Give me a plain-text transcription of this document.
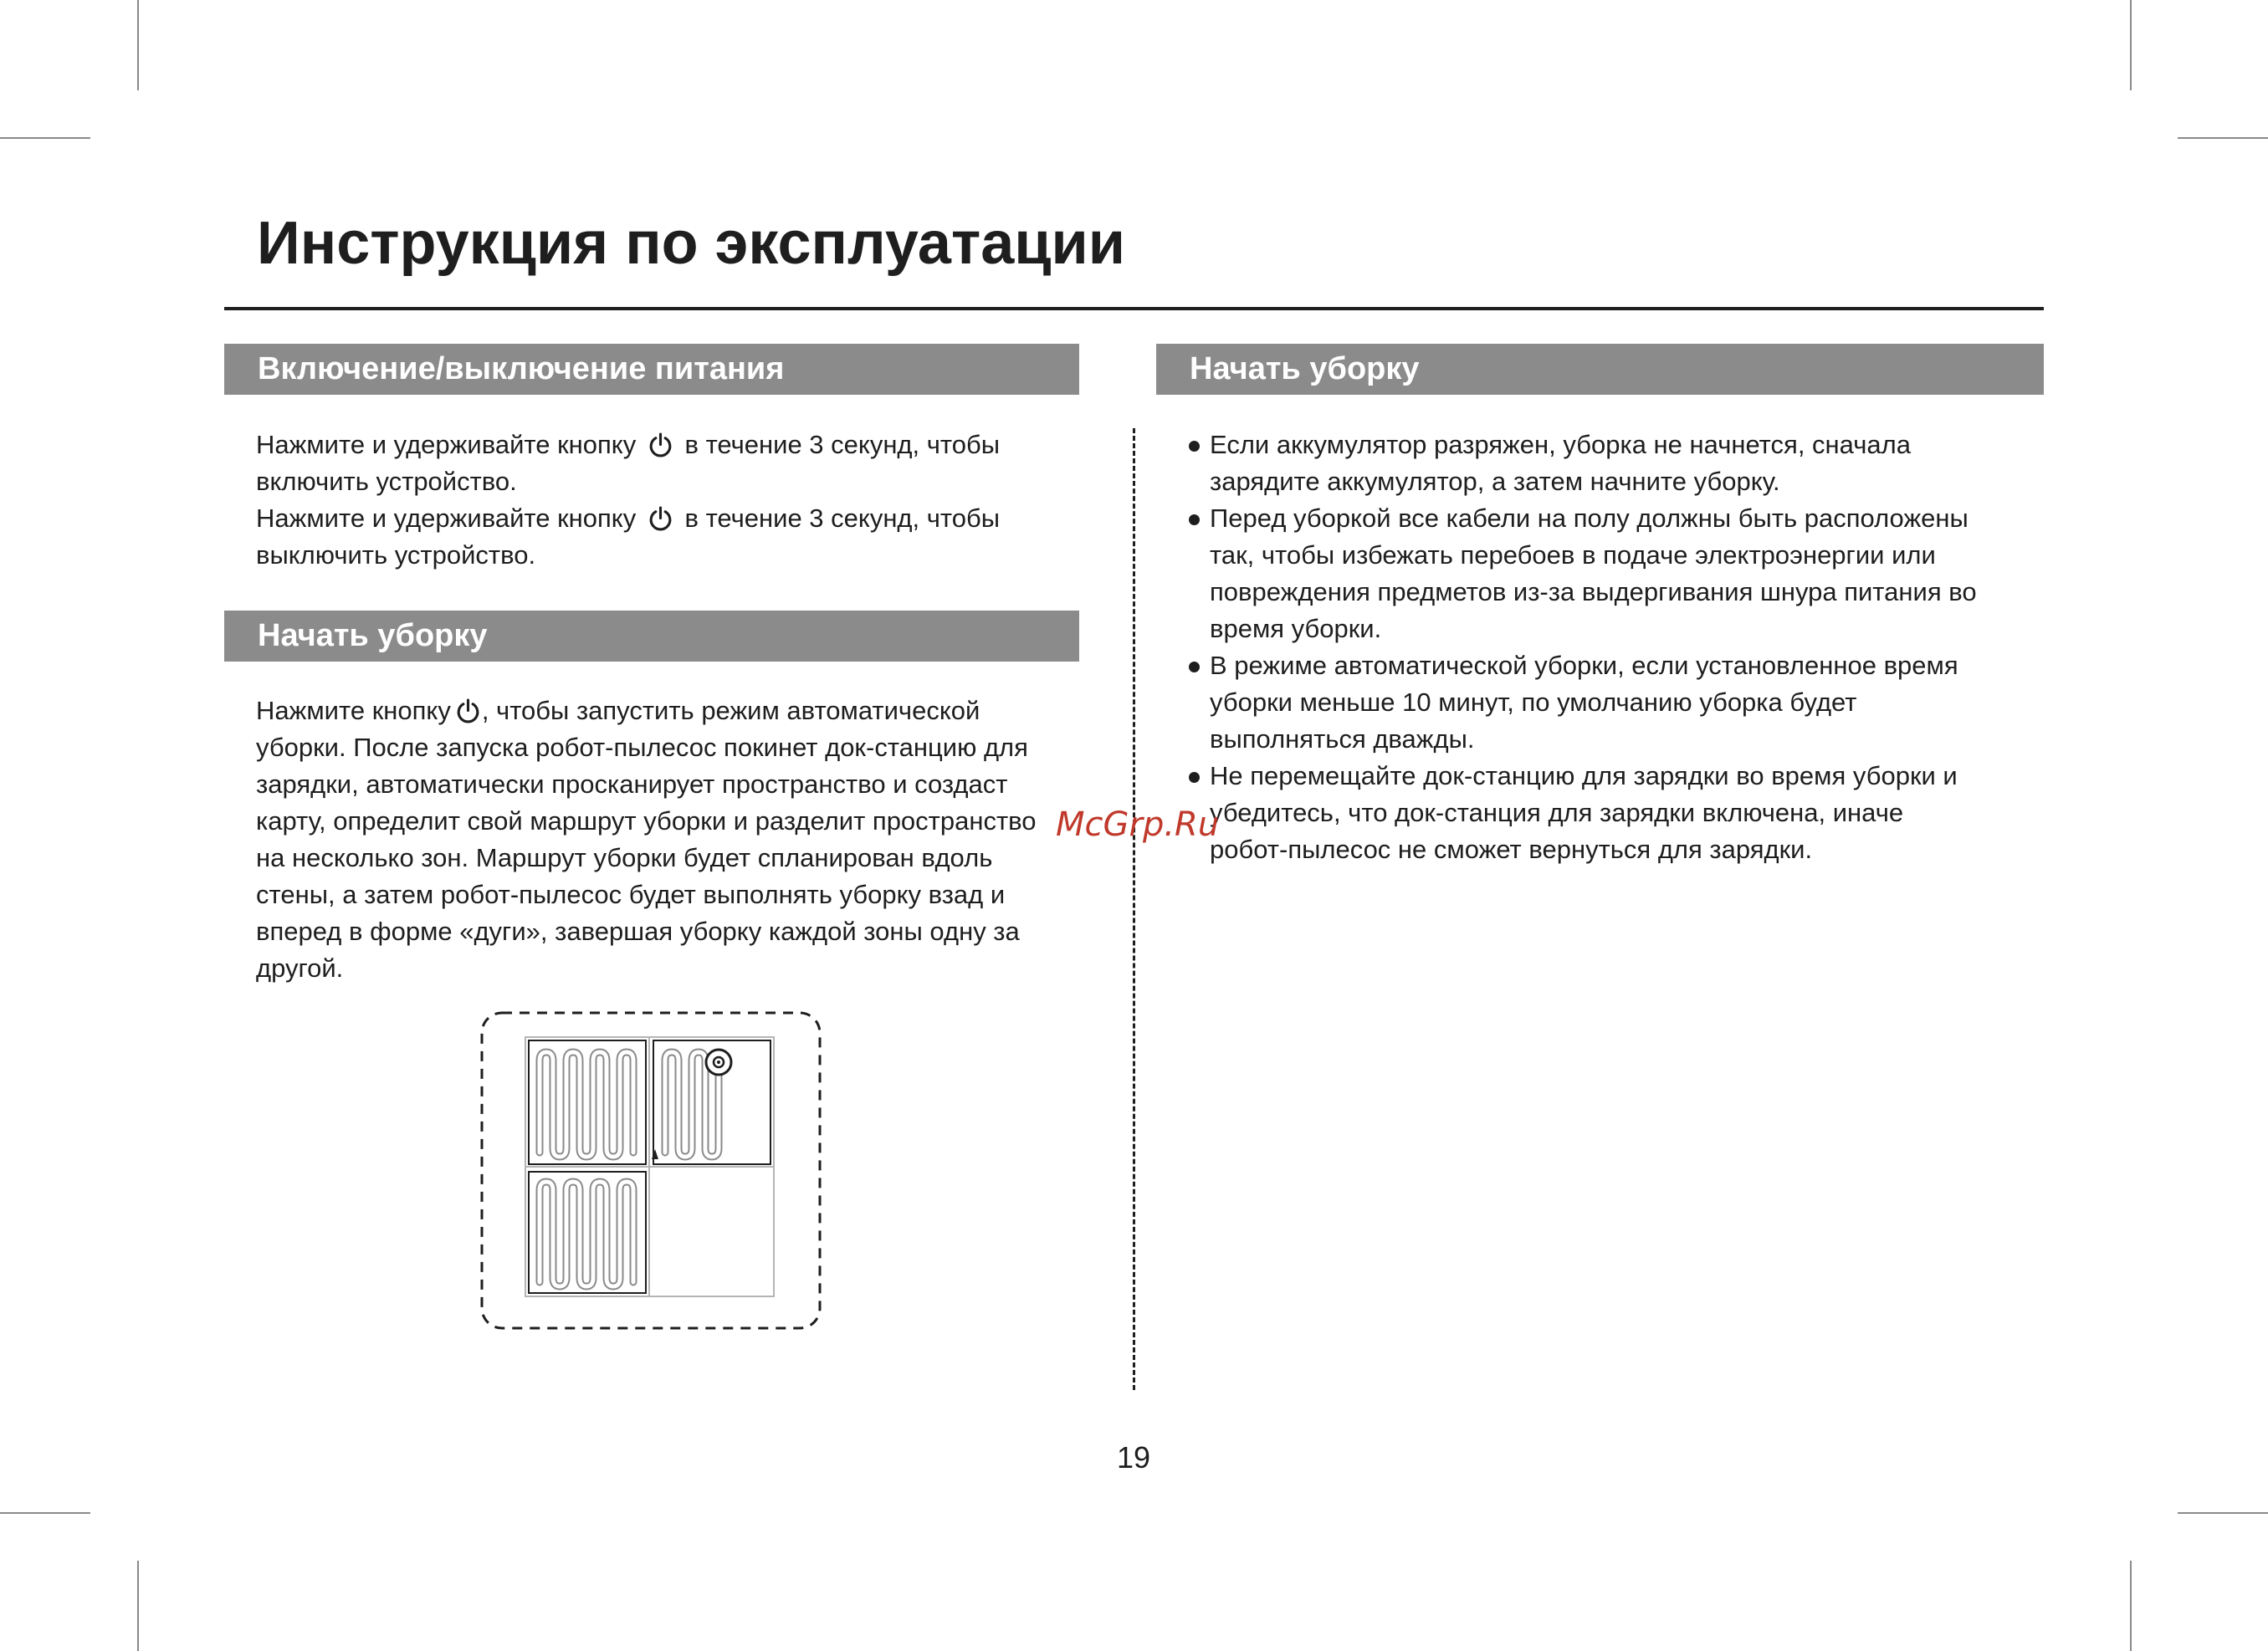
Инструкция по эксплуатации
Включение/выключение питания
Нажмите и удерживайте кнопку в течение 3 секунд, чтобы
включить устройство.
Нажмите и удерживайте кнопку в течение 3 секунд, чтобы
выключить устройство.
Начать уборку
Нажмите кнопку , чтобы запустить режим автоматической
уборки. После запуска робот-пылесос покинет док-станцию для
зарядки, автоматически просканирует пространство и создаст
карту, определит свой маршрут уборки и разделит пространство
на несколько зон. Маршрут уборки будет спланирован вдоль
стены, а затем робот-пылесос будет выполнять уборку взад и
вперед в форме «дуги», завершая уборку каждой зоны одну за
другой.
Начать уборку
Если аккумулятор разряжен, уборка не начнется, сначала
зарядите аккумулятор, а затем начните уборку.
Перед уборкой все кабели на полу должны быть расположены
так, чтобы избежать перебоев в подаче электроэнергии или
повреждения предметов из-за выдергивания шнура питания во
время уборки.
В режиме автоматической уборки, если установленное время
уборки меньше 10 минут, по умолчанию уборка будет
выполняться дважды.
Не перемещайте док-станцию для зарядки во время уборки и
убедитесь, что док-станция для зарядки включена, иначе
робот-пылесос не сможет вернуться для зарядки.
McGrp.Ru
19
